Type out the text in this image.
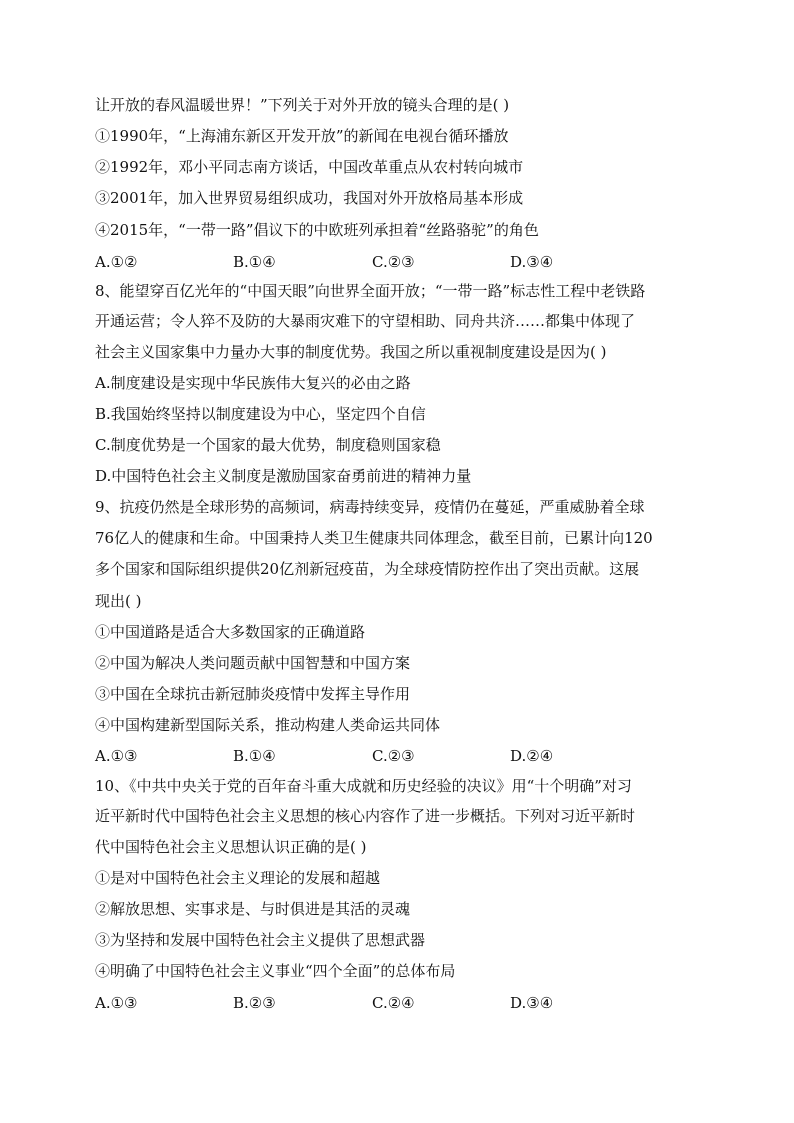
让开放的春风温暖世界！”下列关于对外开放的镜头合理的是( )
①1990年，“上海浦东新区开发开放”的新闻在电视台循环播放
②1992年，邓小平同志南方谈话，中国改革重点从农村转向城市
③2001年，加入世界贸易组织成功，我国对外开放格局基本形成
④2015年，“一带一路”倡议下的中欧班列承担着“丝路骆驼”的角色
A.①②	B.①④	C.②③	D.③④
8、能望穿百亿光年的“中国天眼”向世界全面开放；“一带一路”标志性工程中老铁路
开通运营；令人猝不及防的大暴雨灾难下的守望相助、同舟共济……都集中体现了
社会主义国家集中力量办大事的制度优势。我国之所以重视制度建设是因为( )
A.制度建设是实现中华民族伟大复兴的必由之路
B.我国始终坚持以制度建设为中心，坚定四个自信
C.制度优势是一个国家的最大优势，制度稳则国家稳
D.中国特色社会主义制度是激励国家奋勇前进的精神力量
9、抗疫仍然是全球形势的高频词，病毒持续变异，疫情仍在蔓延，严重威胁着全球
76亿人的健康和生命。中国秉持人类卫生健康共同体理念，截至目前，已累计向120
多个国家和国际组织提供20亿剂新冠疫苗，为全球疫情防控作出了突出贡献。这展
现出( )
①中国道路是适合大多数国家的正确道路
②中国为解决人类问题贡献中国智慧和中国方案
③中国在全球抗击新冠肺炎疫情中发挥主导作用
④中国构建新型国际关系，推动构建人类命运共同体
A.①③	B.①④	C.②③	D.②④
10、《中共中央关于党的百年奋斗重大成就和历史经验的决议》用“十个明确”对习
近平新时代中国特色社会主义思想的核心内容作了进一步概括。下列对习近平新时
代中国特色社会主义思想认识正确的是( )
①是对中国特色社会主义理论的发展和超越
②解放思想、实事求是、与时俱进是其活的灵魂
③为坚持和发展中国特色社会主义提供了思想武器
④明确了中国特色社会主义事业“四个全面”的总体布局
A.①③	B.②③	C.②④	D.③④
